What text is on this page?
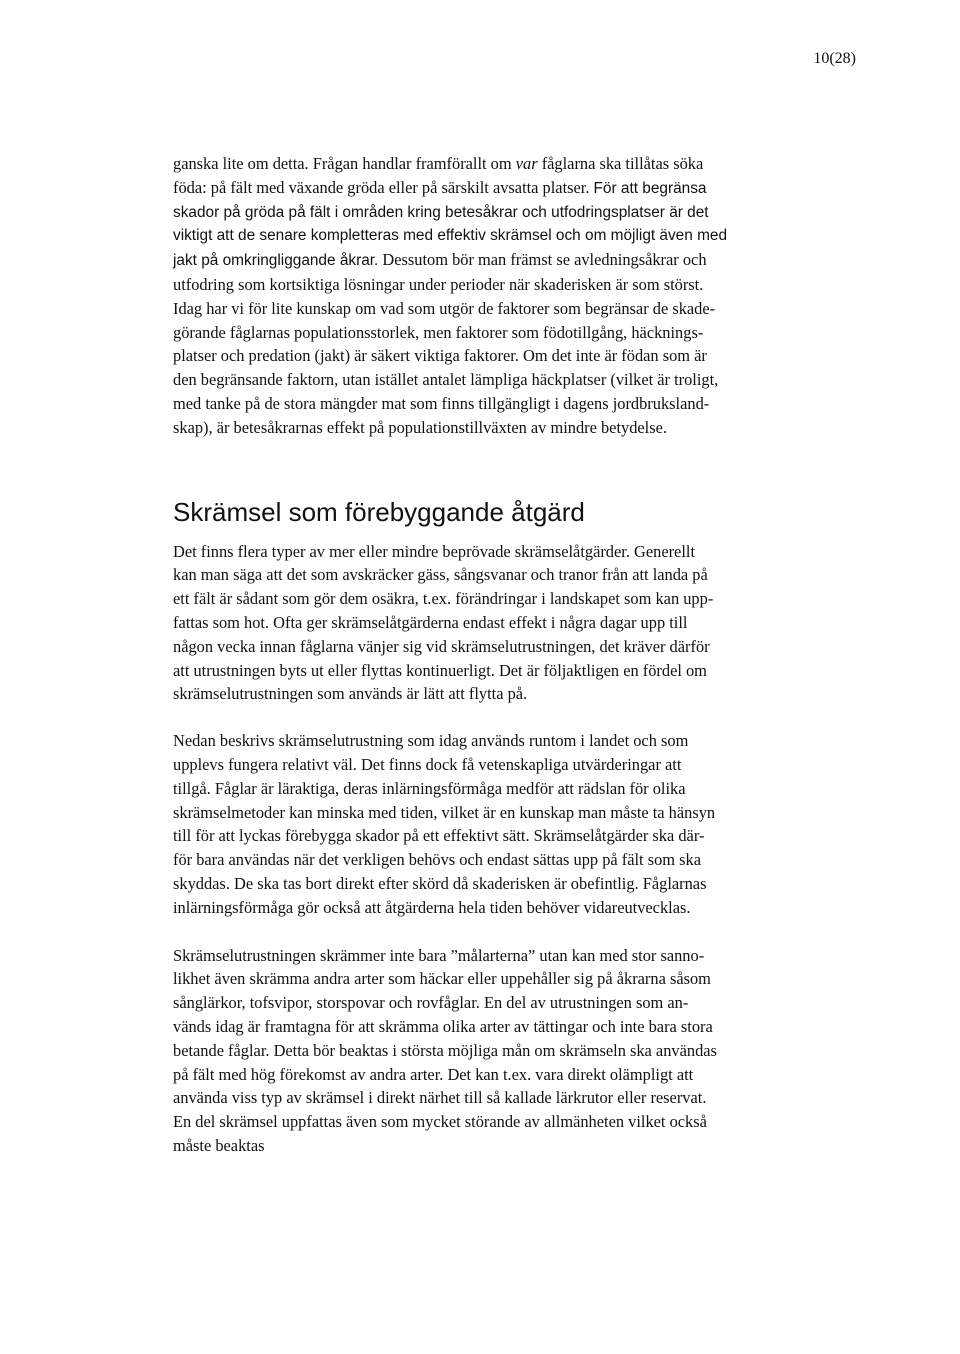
10(28)

ganska lite om detta. Frågan handlar framförallt om var fåglarna ska tillåtas söka
föda: på fält med växande gröda eller på särskilt avsatta platser. För att begränsa
skador på gröda på fält i områden kring betesåkrar och utfodringsplatser är det
viktigt att de senare kompletteras med effektiv skrämsel och om möjligt även med
jakt på omkringliggande åkrar. Dessutom bör man främst se avledningsåkrar och
utfodring som kortsiktiga lösningar under perioder när skaderisken är som störst.
Idag har vi för lite kunskap om vad som utgör de faktorer som begränsar de skade-
görande fåglarnas populationsstorlek, men faktorer som födotillgång, häcknings-
platser och predation (jakt) är säkert viktiga faktorer. Om det inte är födan som är
den begränsande faktorn, utan istället antalet lämpliga häckplatser (vilket är troligt,
med tanke på de stora mängder mat som finns tillgängligt i dagens jordbruksland-
skap), är betesåkrarnas effekt på populationstillväxten av mindre betydelse.

Skrämsel som förebyggande åtgärd

Det finns flera typer av mer eller mindre beprövade skrämselåtgärder. Generellt
kan man säga att det som avskräcker gäss, sångsvanar och tranor från att landa på
ett fält är sådant som gör dem osäkra, t.ex. förändringar i landskapet som kan upp-
fattas som hot. Ofta ger skrämselåtgärderna endast effekt i några dagar upp till
någon vecka innan fåglarna vänjer sig vid skrämselutrustningen, det kräver därför
att utrustningen byts ut eller flyttas kontinuerligt. Det är följaktligen en fördel om
skrämselutrustningen som används är lätt att flytta på.

Nedan beskrivs skrämselutrustning som idag används runtom i landet och som
upplevs fungera relativt väl. Det finns dock få vetenskapliga utvärderingar att
tillgå. Fåglar är läraktiga, deras inlärningsförmåga medför att rädslan för olika
skrämselmetoder kan minska med tiden, vilket är en kunskap man måste ta hänsyn
till för att lyckas förebygga skador på ett effektivt sätt. Skrämselåtgärder ska där-
för bara användas när det verkligen behövs och endast sättas upp på fält som ska
skyddas. De ska tas bort direkt efter skörd då skaderisken är obefintlig. Fåglarnas
inlärningsförmåga gör också att åtgärderna hela tiden behöver vidareutvecklas.

Skrämselutrustningen skrämmer inte bara ”målarterna” utan kan med stor sanno-
likhet även skrämma andra arter som häckar eller uppehåller sig på åkrarna såsom
sånglärkor, tofsvipor, storspovar och rovfåglar. En del av utrustningen som an-
vänds idag är framtagna för att skrämma olika arter av tättingar och inte bara stora
betande fåglar. Detta bör beaktas i största möjliga mån om skrämseln ska användas
på fält med hög förekomst av andra arter. Det kan t.ex. vara direkt olämpligt att
använda viss typ av skrämsel i direkt närhet till så kallade lärkrutor eller reservat.
En del skrämsel uppfattas även som mycket störande av allmänheten vilket också
måste beaktas
